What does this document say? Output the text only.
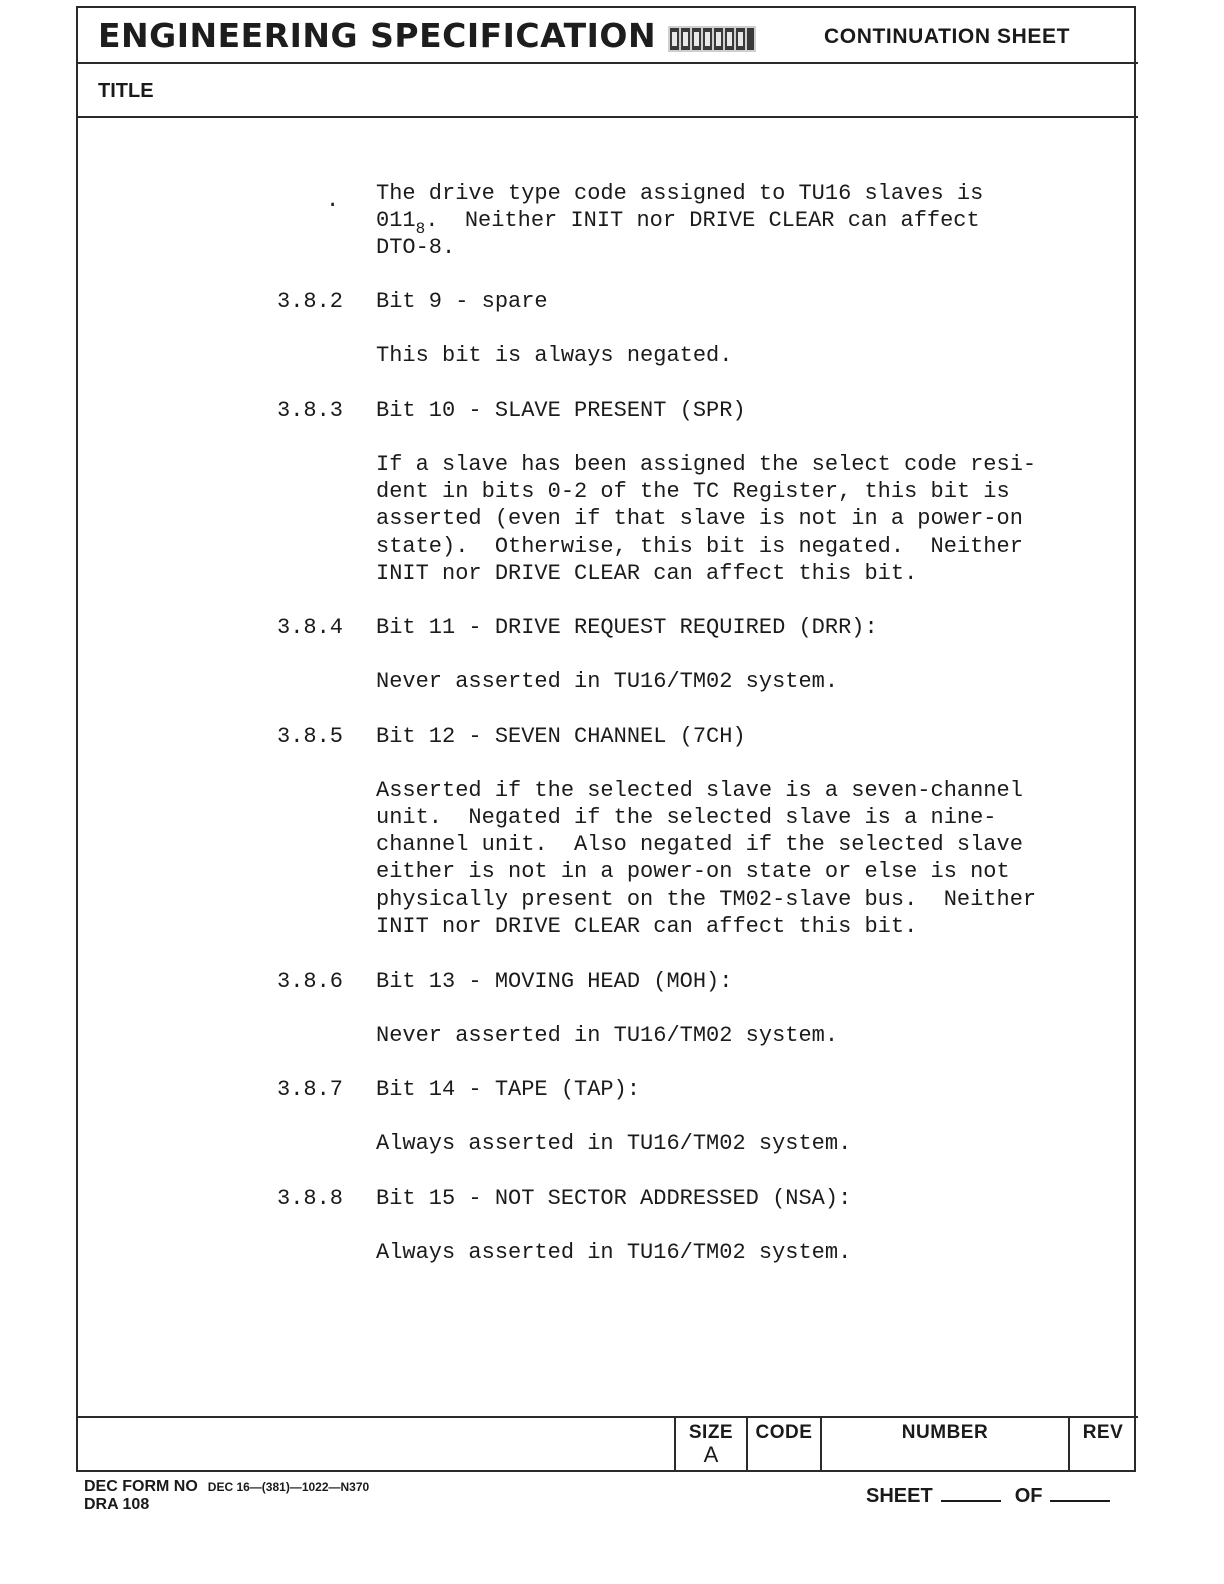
ENGINEERING SPECIFICATION	CONTINUATION SHEET
TITLE
. The drive type code assigned to TU16 slaves is
$011_8$.  Neither INIT nor DRIVE CLEAR can affect
DTO-8.
3.8.2 Bit 9 - spare
This bit is always negated.
3.8.3 Bit 10 - SLAVE PRESENT (SPR)
If a slave has been assigned the select code resi-
dent in bits 0-2 of the TC Register, this bit is
asserted (even if that slave is not in a power-on
state).  Otherwise, this bit is negated.  Neither
INIT nor DRIVE CLEAR can affect this bit.
3.8.4 Bit 11 - DRIVE REQUEST REQUIRED (DRR):
Never asserted in TU16/TM02 system.
3.8.5 Bit 12 - SEVEN CHANNEL (7CH)
Asserted if the selected slave is a seven-channel
unit.  Negated if the selected slave is a nine-
channel unit.  Also negated if the selected slave
either is not in a power-on state or else is not
physically present on the TM02-slave bus.  Neither
INIT nor DRIVE CLEAR can affect this bit.
3.8.6 Bit 13 - MOVING HEAD (MOH):
Never asserted in TU16/TM02 system.
3.8.7 Bit 14 - TAPE (TAP):
Always asserted in TU16/TM02 system.
3.8.8 Bit 15 - NOT SECTOR ADDRESSED (NSA):
Always asserted in TU16/TM02 system.
SIZE
A
CODE	NUMBER	REV
DEC FORM NO DEC 16—(381)—1022—N370
DRA 108	SHEET	OF
